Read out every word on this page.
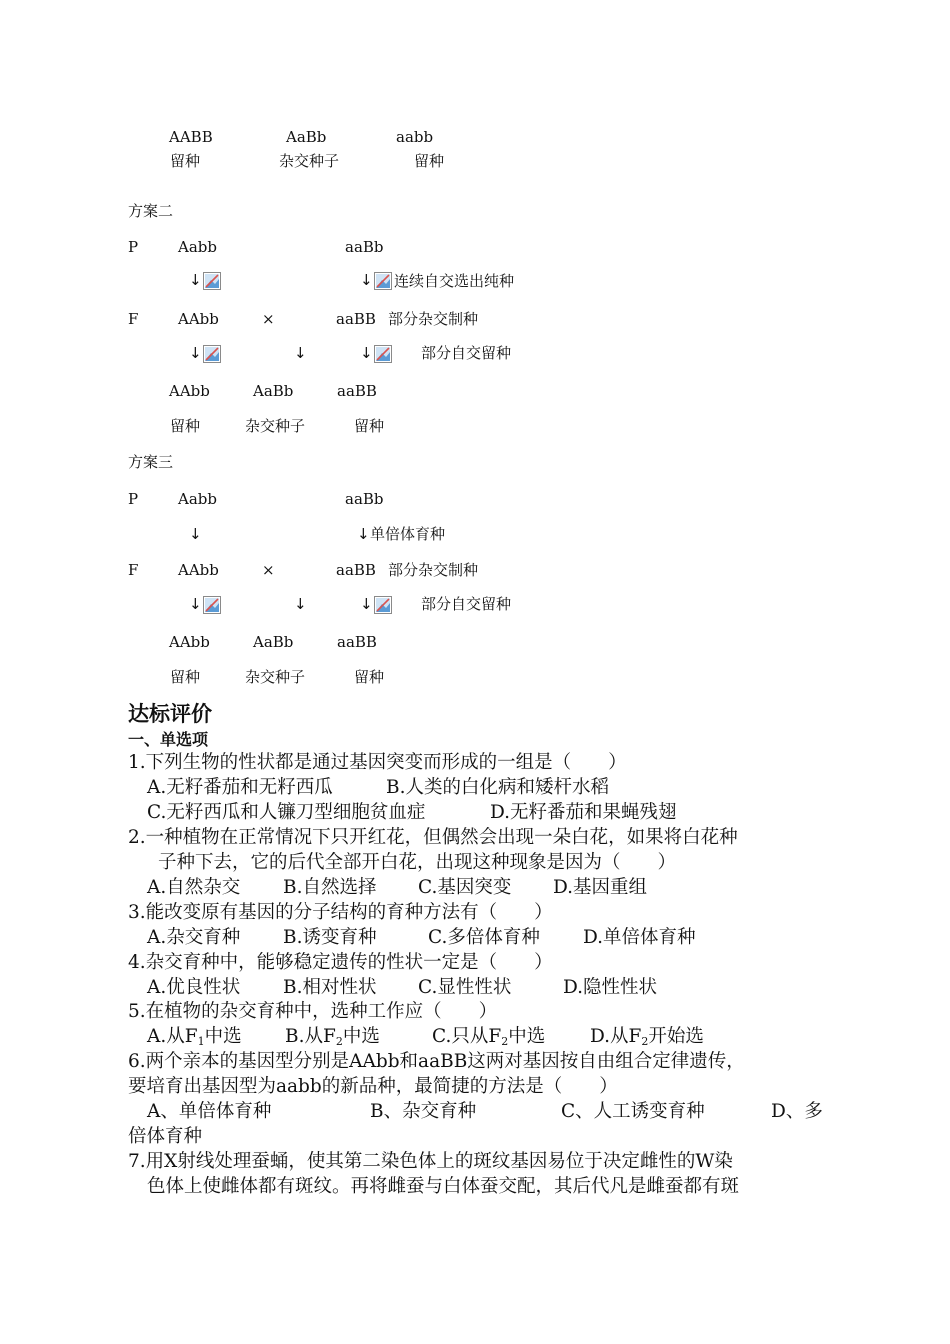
AABB	AaBb	aabb
留种	杂交种子	留种
方案二
P	Aabb	aaBb
↓	↓ 连续自交选出纯种
F	AAbb	×	aaBB 部分杂交制种
↓	↓	↓	部分自交留种
AAbb	AaBb	aaBB
留种	杂交种子	留种
方案三
P	Aabb	aaBb
↓	↓ 单倍体育种
F	AAbb	×	aaBB 部分杂交制种
↓	↓	↓	部分自交留种
AAbb	AaBb	aaBB
留种	杂交种子	留种
达标评价
一、单选项
1.下列生物的性状都是通过基因突变而形成的一组是（　　）
A.无籽番茄和无籽西瓜	B.人类的白化病和矮杆水稻
C.无籽西瓜和人镰刀型细胞贫血症	D.无籽番茄和果蝇残翅
2.一种植物在正常情况下只开红花，但偶然会出现一朵白花，如果将白花种
子种下去，它的后代全部开白花，出现这种现象是因为（　　）
A.自然杂交 B.自然选择 C.基因突变 D.基因重组
3.能改变原有基因的分子结构的育种方法有（　　）
A.杂交育种 B.诱变育种	C.多倍体育种 D.单倍体育种
4.杂交育种中，能够稳定遗传的性状一定是（　　）
A.优良性状 B.相对性状 C.显性性状	D.隐性性状
5.在植物的杂交育种中，选种工作应（　　）
A.从$F_1$中选 B.从$F_2$中选	C.只从$F_2$中选 D.从$F_2$开始选
6.两个亲本的基因型分别是AAbb和aaBB这两对基因按自由组合定律遗传，
要培育出基因型为aabb的新品种，最简捷的方法是（　　）
A、单倍体育种	B、杂交育种	C、人工诱变育种	D、多
倍体育种
7.用X射线处理蚕蛹，使其第二染色体上的斑纹基因易位于决定雌性的W染
色体上使雌体都有斑纹。再将雌蚕与白体蚕交配，其后代凡是雌蚕都有斑
